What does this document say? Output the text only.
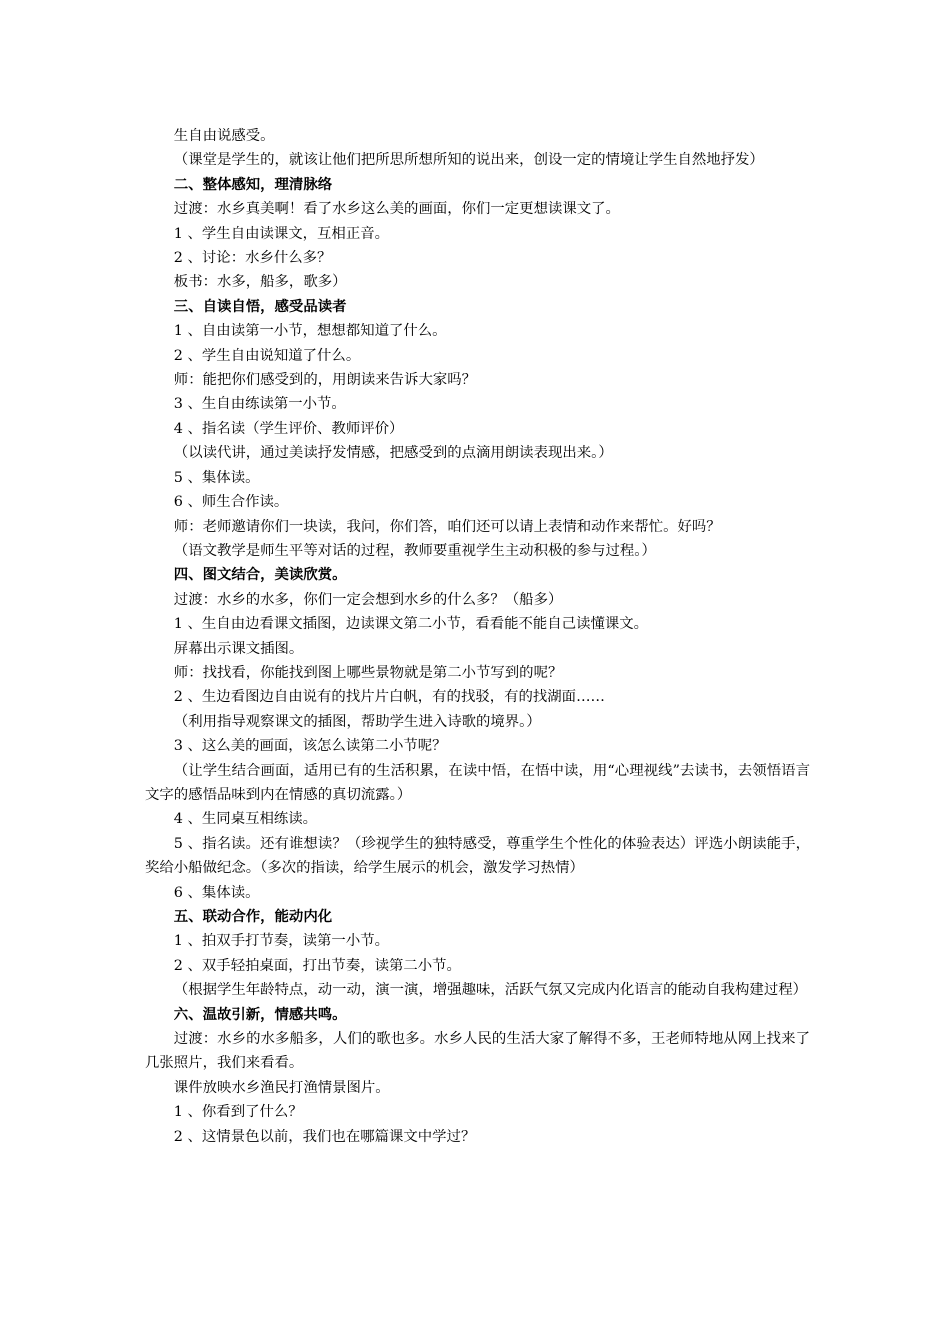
生自由说感受。

（课堂是学生的，就该让他们把所思所想所知的说出来，创设一定的情境让学生自然地抒发）

二、整体感知，理清脉络

过渡：水乡真美啊！看了水乡这么美的画面，你们一定更想读课文了。

1 、学生自由读课文，互相正音。

2 、讨论：水乡什么多？

板书：水多，船多，歌多）

三、自读自悟，感受品读者

1 、自由读第一小节，想想都知道了什么。

2 、学生自由说知道了什么。

师：能把你们感受到的，用朗读来告诉大家吗？

3 、生自由练读第一小节。

4 、指名读（学生评价、教师评价）

（以读代讲，通过美读抒发情感，把感受到的点滴用朗读表现出来。）

5 、集体读。

6 、师生合作读。

师：老师邀请你们一块读，我问，你们答，咱们还可以请上表情和动作来帮忙。好吗？

（语文教学是师生平等对话的过程，教师要重视学生主动积极的参与过程。）

四、图文结合，美读欣赏。

过渡：水乡的水多，你们一定会想到水乡的什么多？（船多）

1 、生自由边看课文插图，边读课文第二小节，看看能不能自己读懂课文。

屏幕出示课文插图。

师：找找看，你能找到图上哪些景物就是第二小节写到的呢？

2 、生边看图边自由说有的找片片白帆，有的找驳，有的找湖面……

（利用指导观察课文的插图，帮助学生进入诗歌的境界。）

3 、这么美的画面，该怎么读第二小节呢？

（让学生结合画面，适用已有的生活积累，在读中悟，在悟中读，用“心理视线”去读书，去领悟语言文字的感悟品味到内在情感的真切流露。）

4 、生同桌互相练读。

5 、指名读。还有谁想读？（珍视学生的独特感受，尊重学生个性化的体验表达）评选小朗读能手，奖给小船做纪念。（多次的指读，给学生展示的机会，激发学习热情）

6 、集体读。

五、联动合作，能动内化

1 、拍双手打节奏，读第一小节。

2 、双手轻拍桌面，打出节奏，读第二小节。

（根据学生年龄特点，动一动，演一演，增强趣味，活跃气氛又完成内化语言的能动自我构建过程）

六、温故引新，情感共鸣。

过渡：水乡的水多船多，人们的歌也多。水乡人民的生活大家了解得不多，王老师特地从网上找来了几张照片，我们来看看。

课件放映水乡渔民打渔情景图片。

1 、你看到了什么？

2 、这情景色以前，我们也在哪篇课文中学过？
